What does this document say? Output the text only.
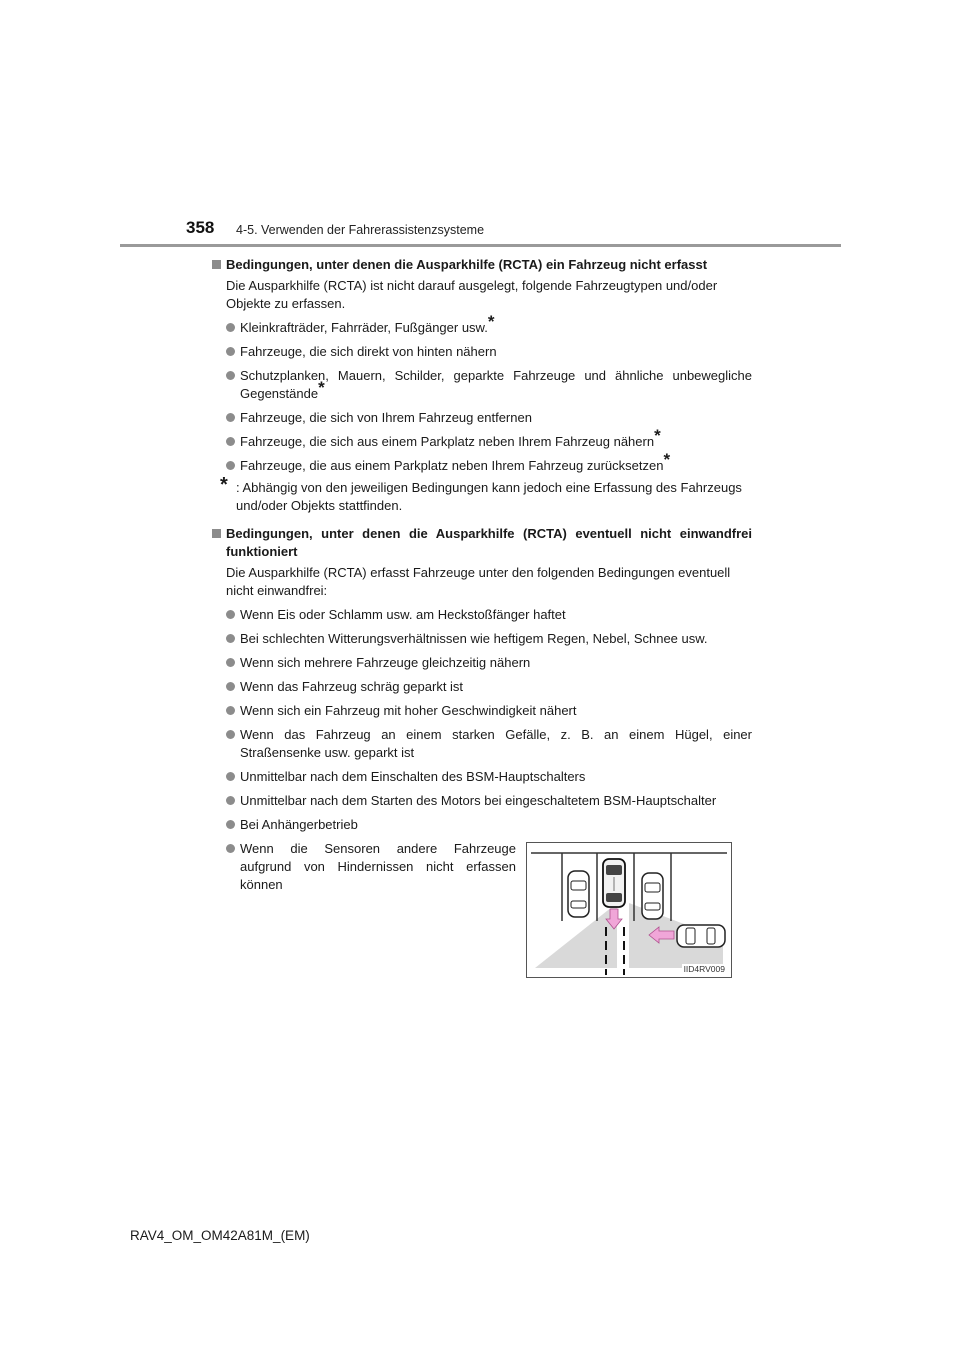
358 4-5. Verwenden der Fahrerassistenzsysteme
Bedingungen, unter denen die Ausparkhilfe (RCTA) ein Fahrzeug nicht erfasst
Die Ausparkhilfe (RCTA) ist nicht darauf ausgelegt, folgende Fahrzeugtypen und/oder Objekte zu erfassen.
Kleinkrafträder, Fahrräder, Fußgänger usw.*
Fahrzeuge, die sich direkt von hinten nähern
Schutzplanken, Mauern, Schilder, geparkte Fahrzeuge und ähnliche unbewegliche Gegenstände*
Fahrzeuge, die sich von Ihrem Fahrzeug entfernen
Fahrzeuge, die sich aus einem Parkplatz neben Ihrem Fahrzeug nähern*
Fahrzeuge, die aus einem Parkplatz neben Ihrem Fahrzeug zurücksetzen*
* : Abhängig von den jeweiligen Bedingungen kann jedoch eine Erfassung des Fahrzeugs und/oder Objekts stattfinden.
Bedingungen, unter denen die Ausparkhilfe (RCTA) eventuell nicht einwandfrei funktioniert
Die Ausparkhilfe (RCTA) erfasst Fahrzeuge unter den folgenden Bedingungen eventuell nicht einwandfrei:
Wenn Eis oder Schlamm usw. am Heckstoßfänger haftet
Bei schlechten Witterungsverhältnissen wie heftigem Regen, Nebel, Schnee usw.
Wenn sich mehrere Fahrzeuge gleichzeitig nähern
Wenn das Fahrzeug schräg geparkt ist
Wenn sich ein Fahrzeug mit hoher Geschwindigkeit nähert
Wenn das Fahrzeug an einem starken Gefälle, z. B. an einem Hügel, einer Straßensenke usw. geparkt ist
Unmittelbar nach dem Einschalten des BSM-Hauptschalters
Unmittelbar nach dem Starten des Motors bei eingeschaltetem BSM-Hauptschalter
Bei Anhängerbetrieb
Wenn die Sensoren andere Fahrzeuge aufgrund von Hindernissen nicht erfassen können
IID4RV009
RAV4_OM_OM42A81M_(EM)
